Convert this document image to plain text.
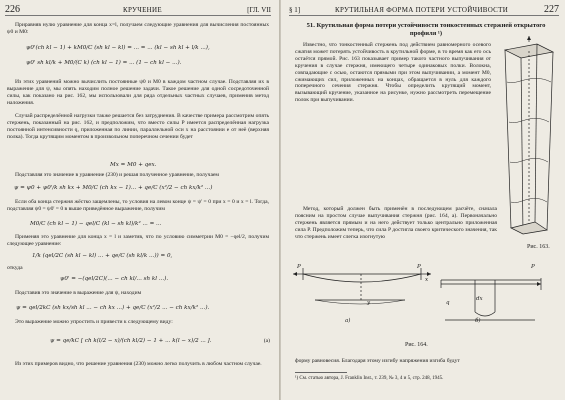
226	КРУЧЕНИЕ	[ГЛ. VII

Приравняв нулю уравнение для конца x=l, получаем следующие уравнения для вычисления постоянных ψ0 и M0:

ψ0'(ch kl − 1) + kM0/C (sh kl − kl) = ... = ... (kl − sh kl + l/k ...),
ψ0' sh kl/k + M0/(C k) (ch kl − 1) = ... (1 − ch kl − ...).

Из этих уравнений можно вычислить постоянные ψ0 и M0 в каждом частном случае. Подставляя их в выражение для ψ, мы опять находим полное решение задачи. Такое решение для одной сосредоточенной силы, как показано на рис. 162, мы использовали для ряда отдельных частных случаев, применив метод наложения.

Случай распределённой нагрузки также решается без затруднения. В качестве примера рассмотрим опять стержень, показанный на рис. 162, и предположим, что вместо силы P имеется распределённая нагрузка постоянной интенсивности q, приложенная по линии, параллельной оси x на расстоянии e от неё (верхняя полка). Тогда крутящим моментом в произвольном поперечном сечении будет

Mx = M0 + qex.

Подставляя это значение в уравнение (230) и решая полученное уравнение, получаем

ψ = ψ0 + ψ0'/k sh kx + M0/C (ch kx − 1)... + qe/C (x²/2 − ch kx/k² ...)

Если оба конца стержня жёстко защемлены, то условия на левом конце ψ = ψ' = 0 при x = 0 и x = l. Тогда, подставляя ψ0 = ψ0' = 0 в выше приведённое выражение, получим

M0/C (ch kl − 1) − qel/C (kl − sh kl)/k² ... = ...

Применяя это уравнение для конца x = l и заметив, что по условию симметрии M0 = −qel/2, получим следующее уравнение:

1/k (qel/2C (sh kl − kl) ... + qe/C (sh kl/k ...)) = 0,

откуда

ψ0' = −(qel/2C)(... − ch kl/... sh kl ...).

Подставив это значение в выражение для ψ, находим

ψ = qel/2kC (sh kx/sh kl ... − ch kx ...) + qe/C (x²/2 ... − ch kx/k² ...).

Это выражение можно упростить и привести к следующему виду:

ψ = qe/kC [ ch k(l/2 − x)/(ch kl/2) − 1 + ... k(l − x)/2 ... ].	(а)

Из этих примеров видно, что решение уравнения (230) можно легко получить в любом частном случае.

§ 1]	КРУТИЛЬНАЯ ФОРМА ПОТЕРИ УСТОЙЧИВОСТИ	227
51. Крутильная форма потери устойчивости тонкостенных стержней открытого профиля ¹)

Известно, что тонкостенный стержень под действием равномерного осевого сжатия может потерять устойчивость в крутильной форме, в то время как его ось остаётся прямой. Рис. 163 показывает пример такого частного выпучивания от кручения в случае стержня, имеющего четыре одинаковых полки. Волокна, совпадающие с осью, остаются прямыми при этом выпучивании, а момент M0, сжимающих сил, приложенных на концах, обращается в нуль для каждого поперечного сечения стержня. Чтобы определить крутящий момент, вызывающий кручение, указанное на рисунке, нужно рассмотреть перемещение полок при выпучивании.

Рис. 163.

Метод, который должен быть применён в последующем расчёте, сначала поясним на простом случае выпучивания стержня (рис. 164, а). Первоначально стержень является прямым и на него действует только центрально приложенная сила P. Предположим теперь, что сила P достигла своего критического значения, так что стержень имеет слегка изогнутую

P	P
x
y
а)
dx
q
P
б)
Рис. 164.

форму равновесия. Благодаря этому изгибу напряжения изгиба будут

¹) См. статью автора, J. Franklin Inst., т. 239, № 3, 4 и 5, стр. 248, 1945.
